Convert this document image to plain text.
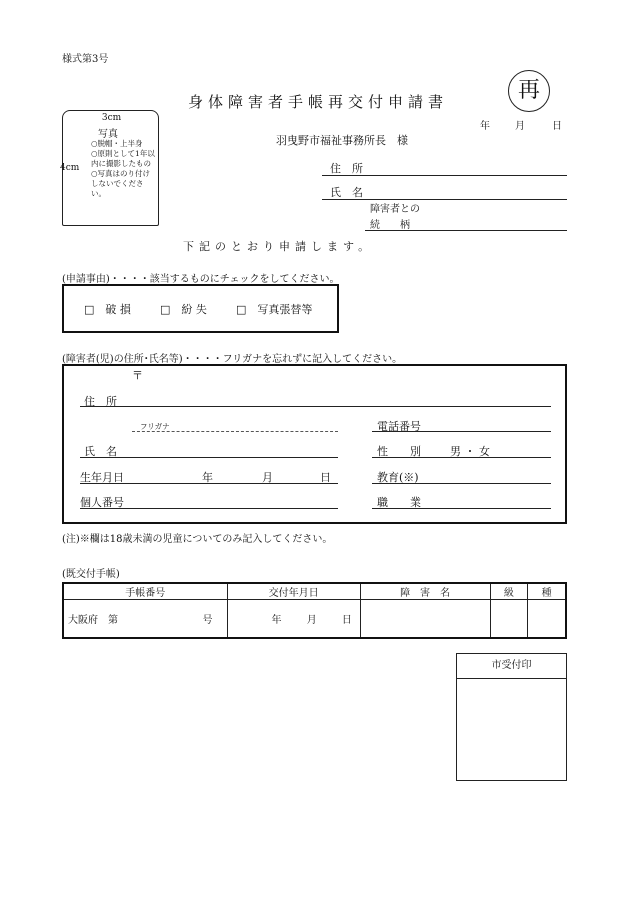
様式第3号
身体障害者手帳再交付申請書	再
年	月	日
羽曳野市福祉事務所長　様
3cm
写真
4cm
○脱帽・上半身
○原則として1年以内に撮影したもの
○写真はのり付けしないでください。
住　所
氏　名
障害者との
続　　柄
下記のとおり申請します。
(申請事由)・・・・該当するものにチェックをしてください。
□　 破 損	□　 紛 失	□　 写真張替等
(障害者(児)の住所･氏名等)・・・・フリガナを忘れずに記入してください。
〒
住　所
フリガナ	電話番号
氏　名	性　　別	男 ・ 女
生年月日	年	月	日	教育(※)
個人番号	職　　業
(注)※欄は18歳未満の児童についてのみ記入してください。
(既交付手帳)
手帳番号	交付年月日	障　害　名	級	種
大阪府　第 号	年 月 日			
市受付印
